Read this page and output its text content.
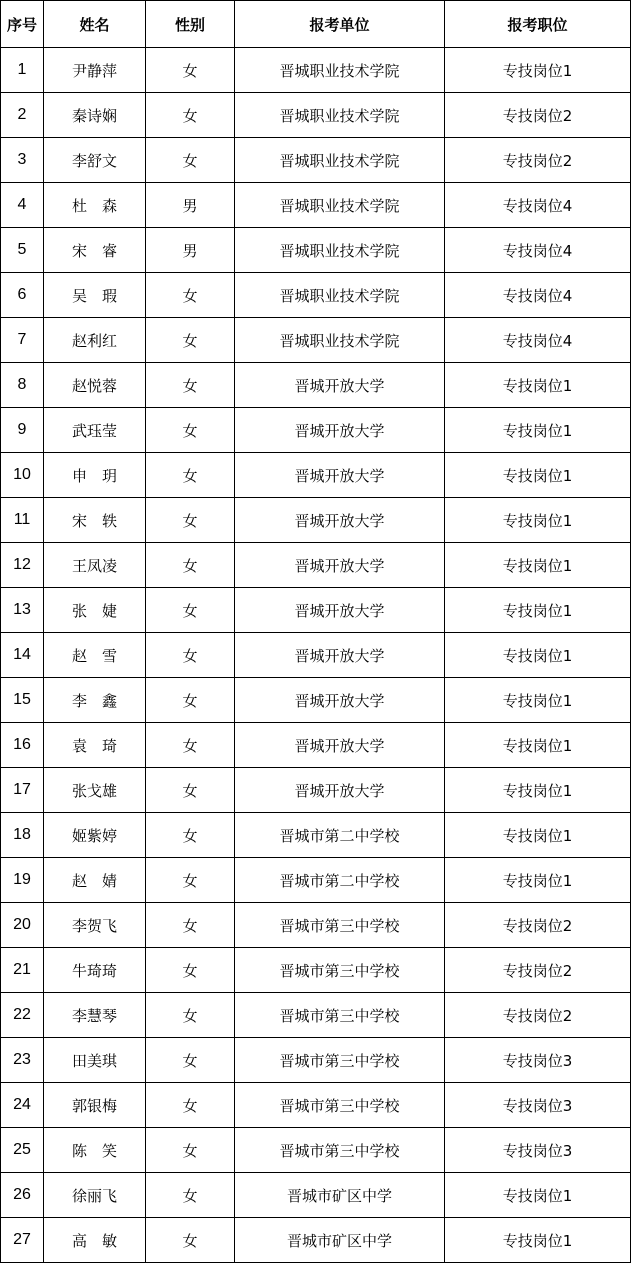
序号	姓名	性别	报考单位	报考职位
1	尹静萍	女	晋城职业技术学院	专技岗位1
2	秦诗娴	女	晋城职业技术学院	专技岗位2
3	李舒文	女	晋城职业技术学院	专技岗位2
4	杜　森	男	晋城职业技术学院	专技岗位4
5	宋　睿	男	晋城职业技术学院	专技岗位4
6	吴　瑕	女	晋城职业技术学院	专技岗位4
7	赵利红	女	晋城职业技术学院	专技岗位4
8	赵悦蓉	女	晋城开放大学	专技岗位1
9	武珏莹	女	晋城开放大学	专技岗位1
10	申　玥	女	晋城开放大学	专技岗位1
11	宋　轶	女	晋城开放大学	专技岗位1
12	王凤凌	女	晋城开放大学	专技岗位1
13	张　婕	女	晋城开放大学	专技岗位1
14	赵　雪	女	晋城开放大学	专技岗位1
15	李　鑫	女	晋城开放大学	专技岗位1
16	袁　琦	女	晋城开放大学	专技岗位1
17	张戈雄	女	晋城开放大学	专技岗位1
18	姬紫婷	女	晋城市第二中学校	专技岗位1
19	赵　婧	女	晋城市第二中学校	专技岗位1
20	李贺飞	女	晋城市第三中学校	专技岗位2
21	牛琦琦	女	晋城市第三中学校	专技岗位2
22	李慧琴	女	晋城市第三中学校	专技岗位2
23	田美琪	女	晋城市第三中学校	专技岗位3
24	郭银梅	女	晋城市第三中学校	专技岗位3
25	陈　笑	女	晋城市第三中学校	专技岗位3
26	徐丽飞	女	晋城市矿区中学	专技岗位1
27	高　敏	女	晋城市矿区中学	专技岗位1
